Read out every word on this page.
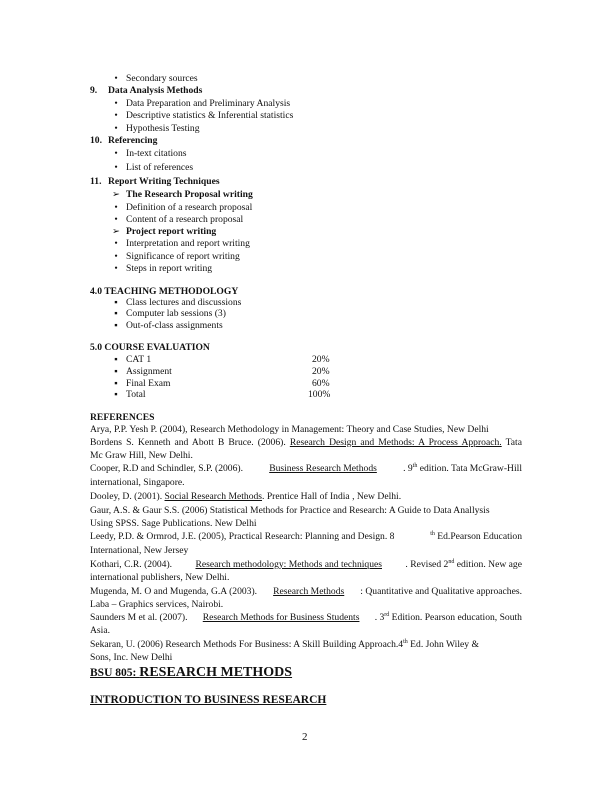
• Secondary sources
9. Data Analysis Methods
• Data Preparation and Preliminary Analysis
• Descriptive statistics & Inferential statistics
• Hypothesis Testing
10. Referencing
• In-text citations
• List of references
11. Report Writing Techniques
➢ The Research Proposal writing
• Definition of a research proposal
• Content of a research proposal
➢ Project report writing
• Interpretation and report writing
• Significance of report writing
• Steps in report writing
4.0 TEACHING METHODOLOGY
▪ Class lectures and discussions
▪ Computer lab sessions (3)
▪ Out-of-class assignments
5.0 COURSE EVALUATION
▪ CAT 1	20%
▪ Assignment	20%
▪ Final Exam	60%
▪ Total	100%
REFERENCES
Arya, P.P. Yesh P. (2004), Research Methodology in Management: Theory and Case Studies, New Delhi
Bordens S. Kenneth and Abott B Bruce. (2006). Research Design and Methods: A Process Approach. Tata
Mc Graw Hill, New Delhi.
Cooper, R.D and Schindler, S.P. (2006).	Business Research Methods	. 9th edition. Tata McGraw-Hill
international, Singapore.
Dooley, D. (2001). Social Research Methods. Prentice Hall of India , New Delhi.
Gaur, A.S. & Gaur S.S. (2006) Statistical Methods for Practice and Research: A Guide to Data Anallysis
Using SPSS. Sage Publications. New Delhi
Leedy, P.D. & Ormrod, J.E. (2005), Practical Research: Planning and Design. 8	$^{th}$ Ed.Pearson Education
International, New Jersey
Kothari, C.R. (2004). Research methodology: Methods and techniques . Revised 2nd edition. New age
international publishers, New Delhi.
Mugenda, M. O and Mugenda, G.A (2003). Research Methods : Quantitative and Qualitative approaches.
Laba – Graphics services, Nairobi.
Saunders M et al. (2007). Research Methods for Business Students . 3rd Edition. Pearson education, South
Asia.
Sekaran, U. (2006) Research Methods For Business: A Skill Building Approach.4th Ed. John Wiley &
Sons, Inc. New Delhi
BSU 805: RESEARCH METHODS
INTRODUCTION TO BUSINESS RESEARCH
2
